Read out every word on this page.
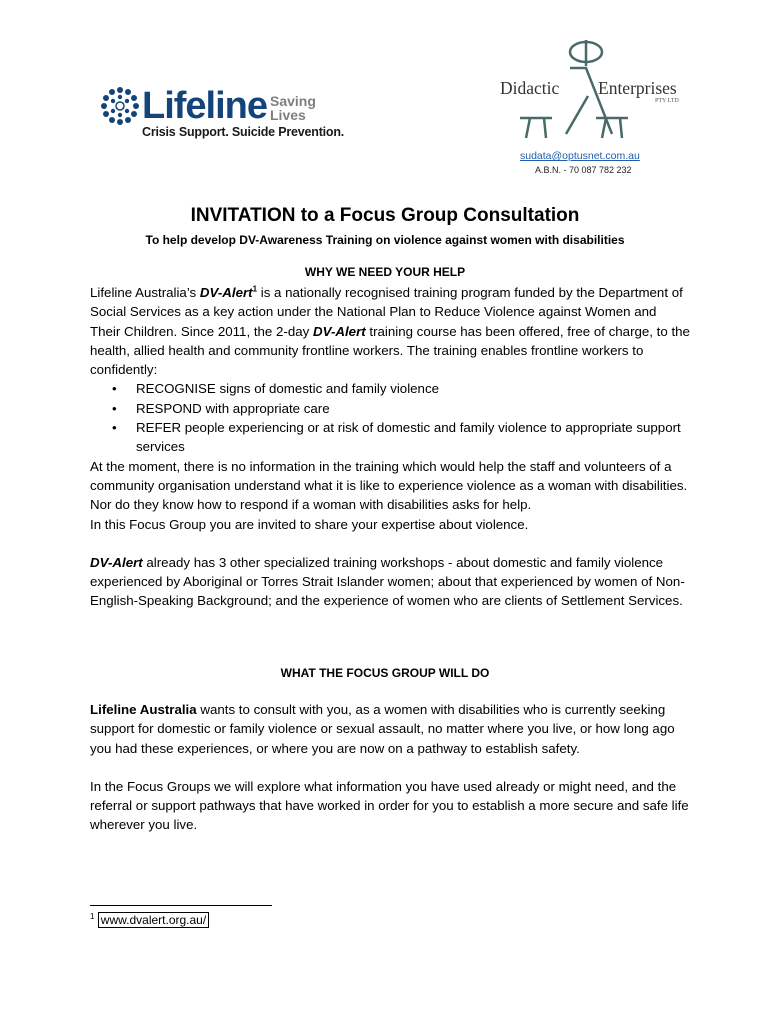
Lifeline Saving
Lives
Crisis Support. Suicide Prevention.
Didactic Enterprises
PTY LTD
sudata@optusnet.com.au
A.B.N. - 70 087 782 232
INVITATION to a Focus Group Consultation
To help develop DV-Awareness Training on violence against women with disabilities
WHY WE NEED YOUR HELP

Lifeline Australia’s DV-Alert$^1$ is a nationally recognised training program funded by the Department of Social Services as a key action under the National Plan to Reduce Violence against Women and Their Children. Since 2011, the 2-day DV-Alert training course has been offered, free of charge, to the health, allied health and community frontline workers. The training enables frontline workers to confidently:

• RECOGNISE signs of domestic and family violence
• RESPOND with appropriate care
• REFER people experiencing or at risk of domestic and family violence to appropriate support services

At the moment, there is no information in the training which would help the staff and volunteers of a community organisation understand what it is like to experience violence as a woman with disabilities. Nor do they know how to respond if a woman with disabilities asks for help.

In this Focus Group you are invited to share your expertise about violence.

DV-Alert already has 3 other specialized training workshops - about domestic and family violence experienced by Aboriginal or Torres Strait Islander women; about that experienced by women of Non-English-Speaking Background; and the experience of women who are clients of Settlement Services.

WHAT THE FOCUS GROUP WILL DO

Lifeline Australia wants to consult with you, as a women with disabilities who is currently seeking support for domestic or family violence or sexual assault, no matter where you live, or how long ago you had these experiences, or where you are now on a pathway to establish safety.

In the Focus Groups we will explore what information you have used already or might need, and the referral or support pathways that have worked in order for you to establish a more secure and safe life wherever you live.

$^1$ www.dvalert.org.au/
